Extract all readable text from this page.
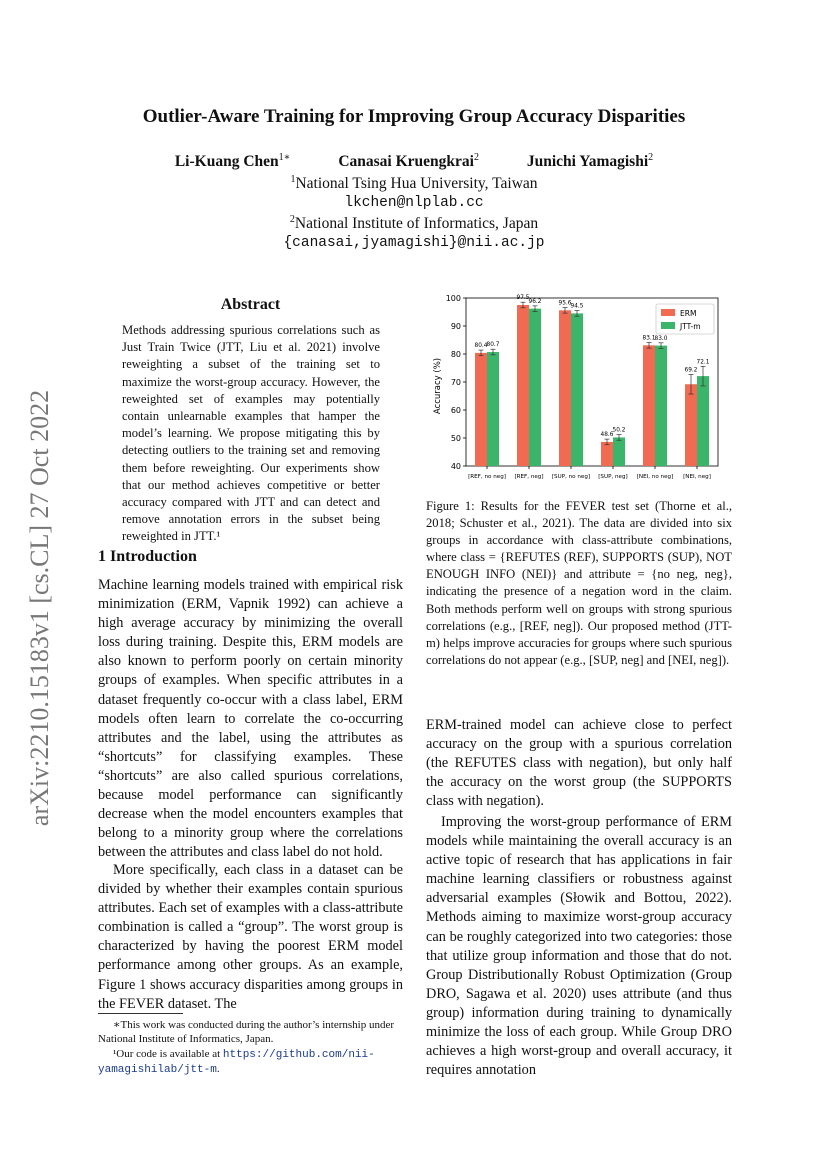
arXiv:2210.15183v1 [cs.CL] 27 Oct 2022
Outlier-Aware Training for Improving Group Accuracy Disparities
Li-Kuang Chen$^{1∗}$	Canasai Kruengkrai$^2$	Junichi Yamagishi$^2$
$^1$National Tsing Hua University, Taiwan
lkchen@nlplab.cc
$^2$National Institute of Informatics, Japan
{canasai,jyamagishi}@nii.ac.jp
Abstract
Methods addressing spurious correlations such as Just Train Twice (JTT, Liu et al. 2021) involve reweighting a subset of the training set to maximize the worst-group accuracy. However, the reweighted set of examples may potentially contain unlearnable examples that hamper the model’s learning. We propose mitigating this by detecting outliers to the training set and removing them before reweighting. Our experiments show that our method achieves competitive or better accuracy compared with JTT and can detect and remove annotation errors in the subset being reweighted in JTT.¹
1 Introduction
Machine learning models trained with empirical risk minimization (ERM, Vapnik 1992) can achieve a high average accuracy by minimizing the overall loss during training. Despite this, ERM models are also known to perform poorly on certain minority groups of examples. When specific attributes in a dataset frequently co-occur with a class label, ERM models often learn to correlate the co-occurring attributes and the label, using the attributes as “shortcuts” for classifying examples. These “shortcuts” are also called spurious correlations, because model performance can significantly decrease when the model encounters examples that belong to a minority group where the correlations between the attributes and class label do not hold.
More specifically, each class in a dataset can be divided by whether their examples contain spurious attributes. Each set of examples with a class-attribute combination is called a “group”. The worst group is characterized by having the poorest ERM model performance among other groups. As an example, Figure 1 shows accuracy disparities among groups in the FEVER dataset. The
∗This work was conducted during the author’s internship under National Institute of Informatics, Japan.
¹Our code is available at https://github.com/nii-yamagishilab/jtt-m.
Accuracy (%)
40
50
60
70
80
90
100
[REF, no neg]
80.4 80.7
[REF, neg]
97.5
96.2
[SUP, no neg]
95.6
94.5
[SUP, neg]
48.6
50.2
[NEI, no neg]
83.1 83.0
[NEI, neg]
69.2
72.1
ERM
JTT-m
Figure 1: Results for the FEVER test set (Thorne et al., 2018; Schuster et al., 2021). The data are divided into six groups in accordance with class-attribute combinations, where class = {REFUTES (REF), SUPPORTS (SUP), NOT ENOUGH INFO (NEI)} and attribute = {no neg, neg}, indicating the presence of a negation word in the claim. Both methods perform well on groups with strong spurious correlations (e.g., [REF, neg]). Our proposed method (JTT-m) helps improve accuracies for groups where such spurious correlations do not appear (e.g., [SUP, neg] and [NEI, neg]).
ERM-trained model can achieve close to perfect accuracy on the group with a spurious correlation (the REFUTES class with negation), but only half the accuracy on the worst group (the SUPPORTS class with negation).
Improving the worst-group performance of ERM models while maintaining the overall accuracy is an active topic of research that has applications in fair machine learning classifiers or robustness against adversarial examples (Słowik and Bottou, 2022). Methods aiming to maximize worst-group accuracy can be roughly categorized into two categories: those that utilize group information and those that do not. Group Distributionally Robust Optimization (Group DRO, Sagawa et al. 2020) uses attribute (and thus group) information during training to dynamically minimize the loss of each group. While Group DRO achieves a high worst-group and overall accuracy, it requires annotation
